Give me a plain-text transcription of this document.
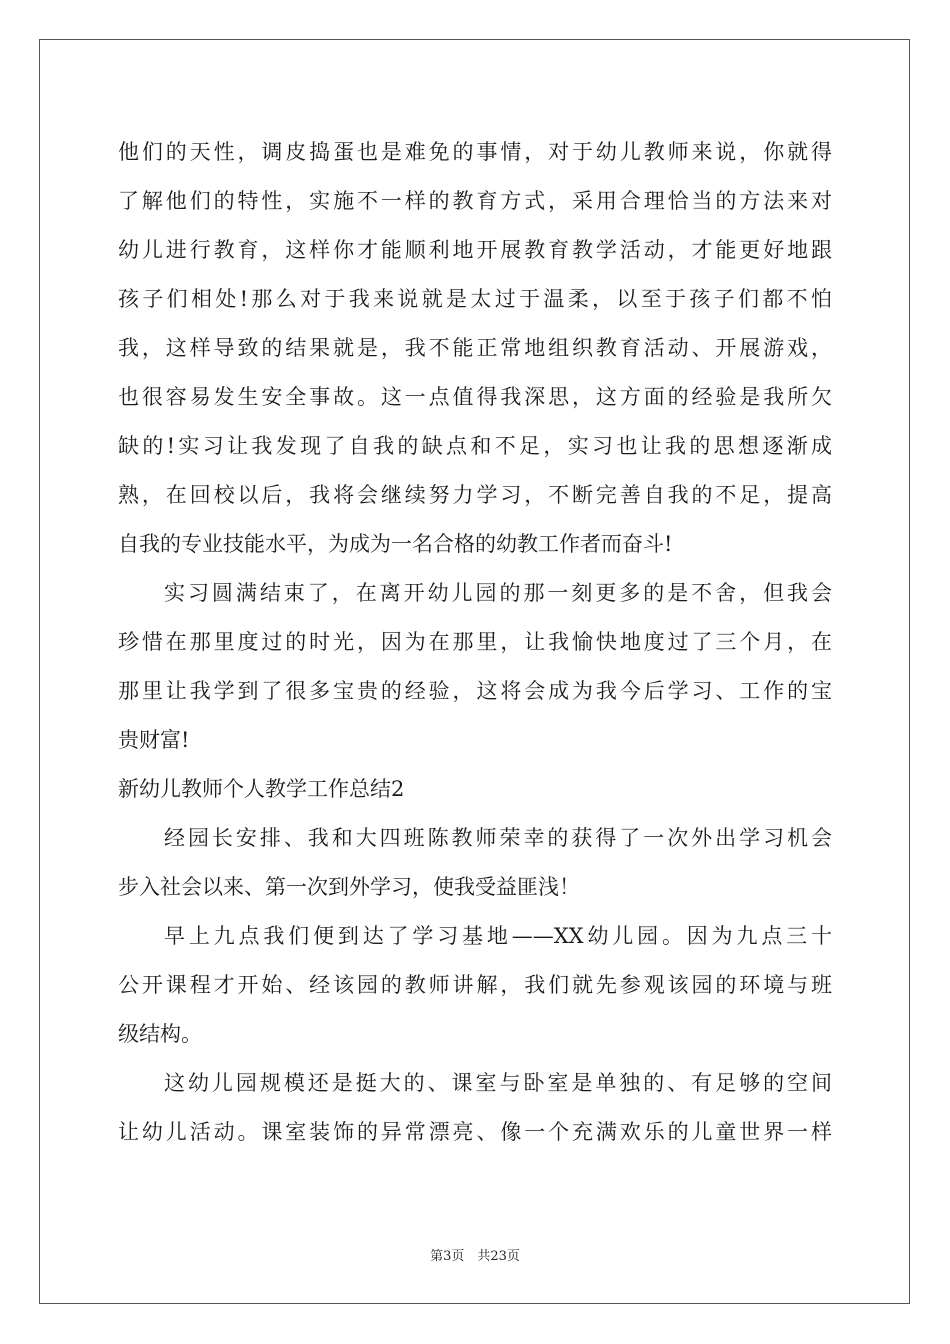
他们的天性，调皮捣蛋也是难免的事情，对于幼儿教师来说，你就得
了解他们的特性，实施不一样的教育方式，采用合理恰当的方法来对
幼儿进行教育，这样你才能顺利地开展教育教学活动，才能更好地跟
孩子们相处!那么对于我来说就是太过于温柔，以至于孩子们都不怕
我，这样导致的结果就是，我不能正常地组织教育活动、开展游戏，
也很容易发生安全事故。这一点值得我深思，这方面的经验是我所欠
缺的!实习让我发现了自我的缺点和不足，实习也让我的思想逐渐成
熟，在回校以后，我将会继续努力学习，不断完善自我的不足，提高
自我的专业技能水平，为成为一名合格的幼教工作者而奋斗!
实习圆满结束了，在离开幼儿园的那一刻更多的是不舍，但我会
珍惜在那里度过的时光，因为在那里，让我愉快地度过了三个月，在
那里让我学到了很多宝贵的经验，这将会成为我今后学习、工作的宝
贵财富!
新幼儿教师个人教学工作总结2
经园长安排、我和大四班陈教师荣幸的获得了一次外出学习机会
步入社会以来、第一次到外学习，使我受益匪浅！
早上九点我们便到达了学习基地——XX幼儿园。因为九点三十
公开课程才开始、经该园的教师讲解，我们就先参观该园的环境与班
级结构。
这幼儿园规模还是挺大的、课室与卧室是单独的、有足够的空间
让幼儿活动。课室装饰的异常漂亮、像一个充满欢乐的儿童世界一样
第3页　共23页
